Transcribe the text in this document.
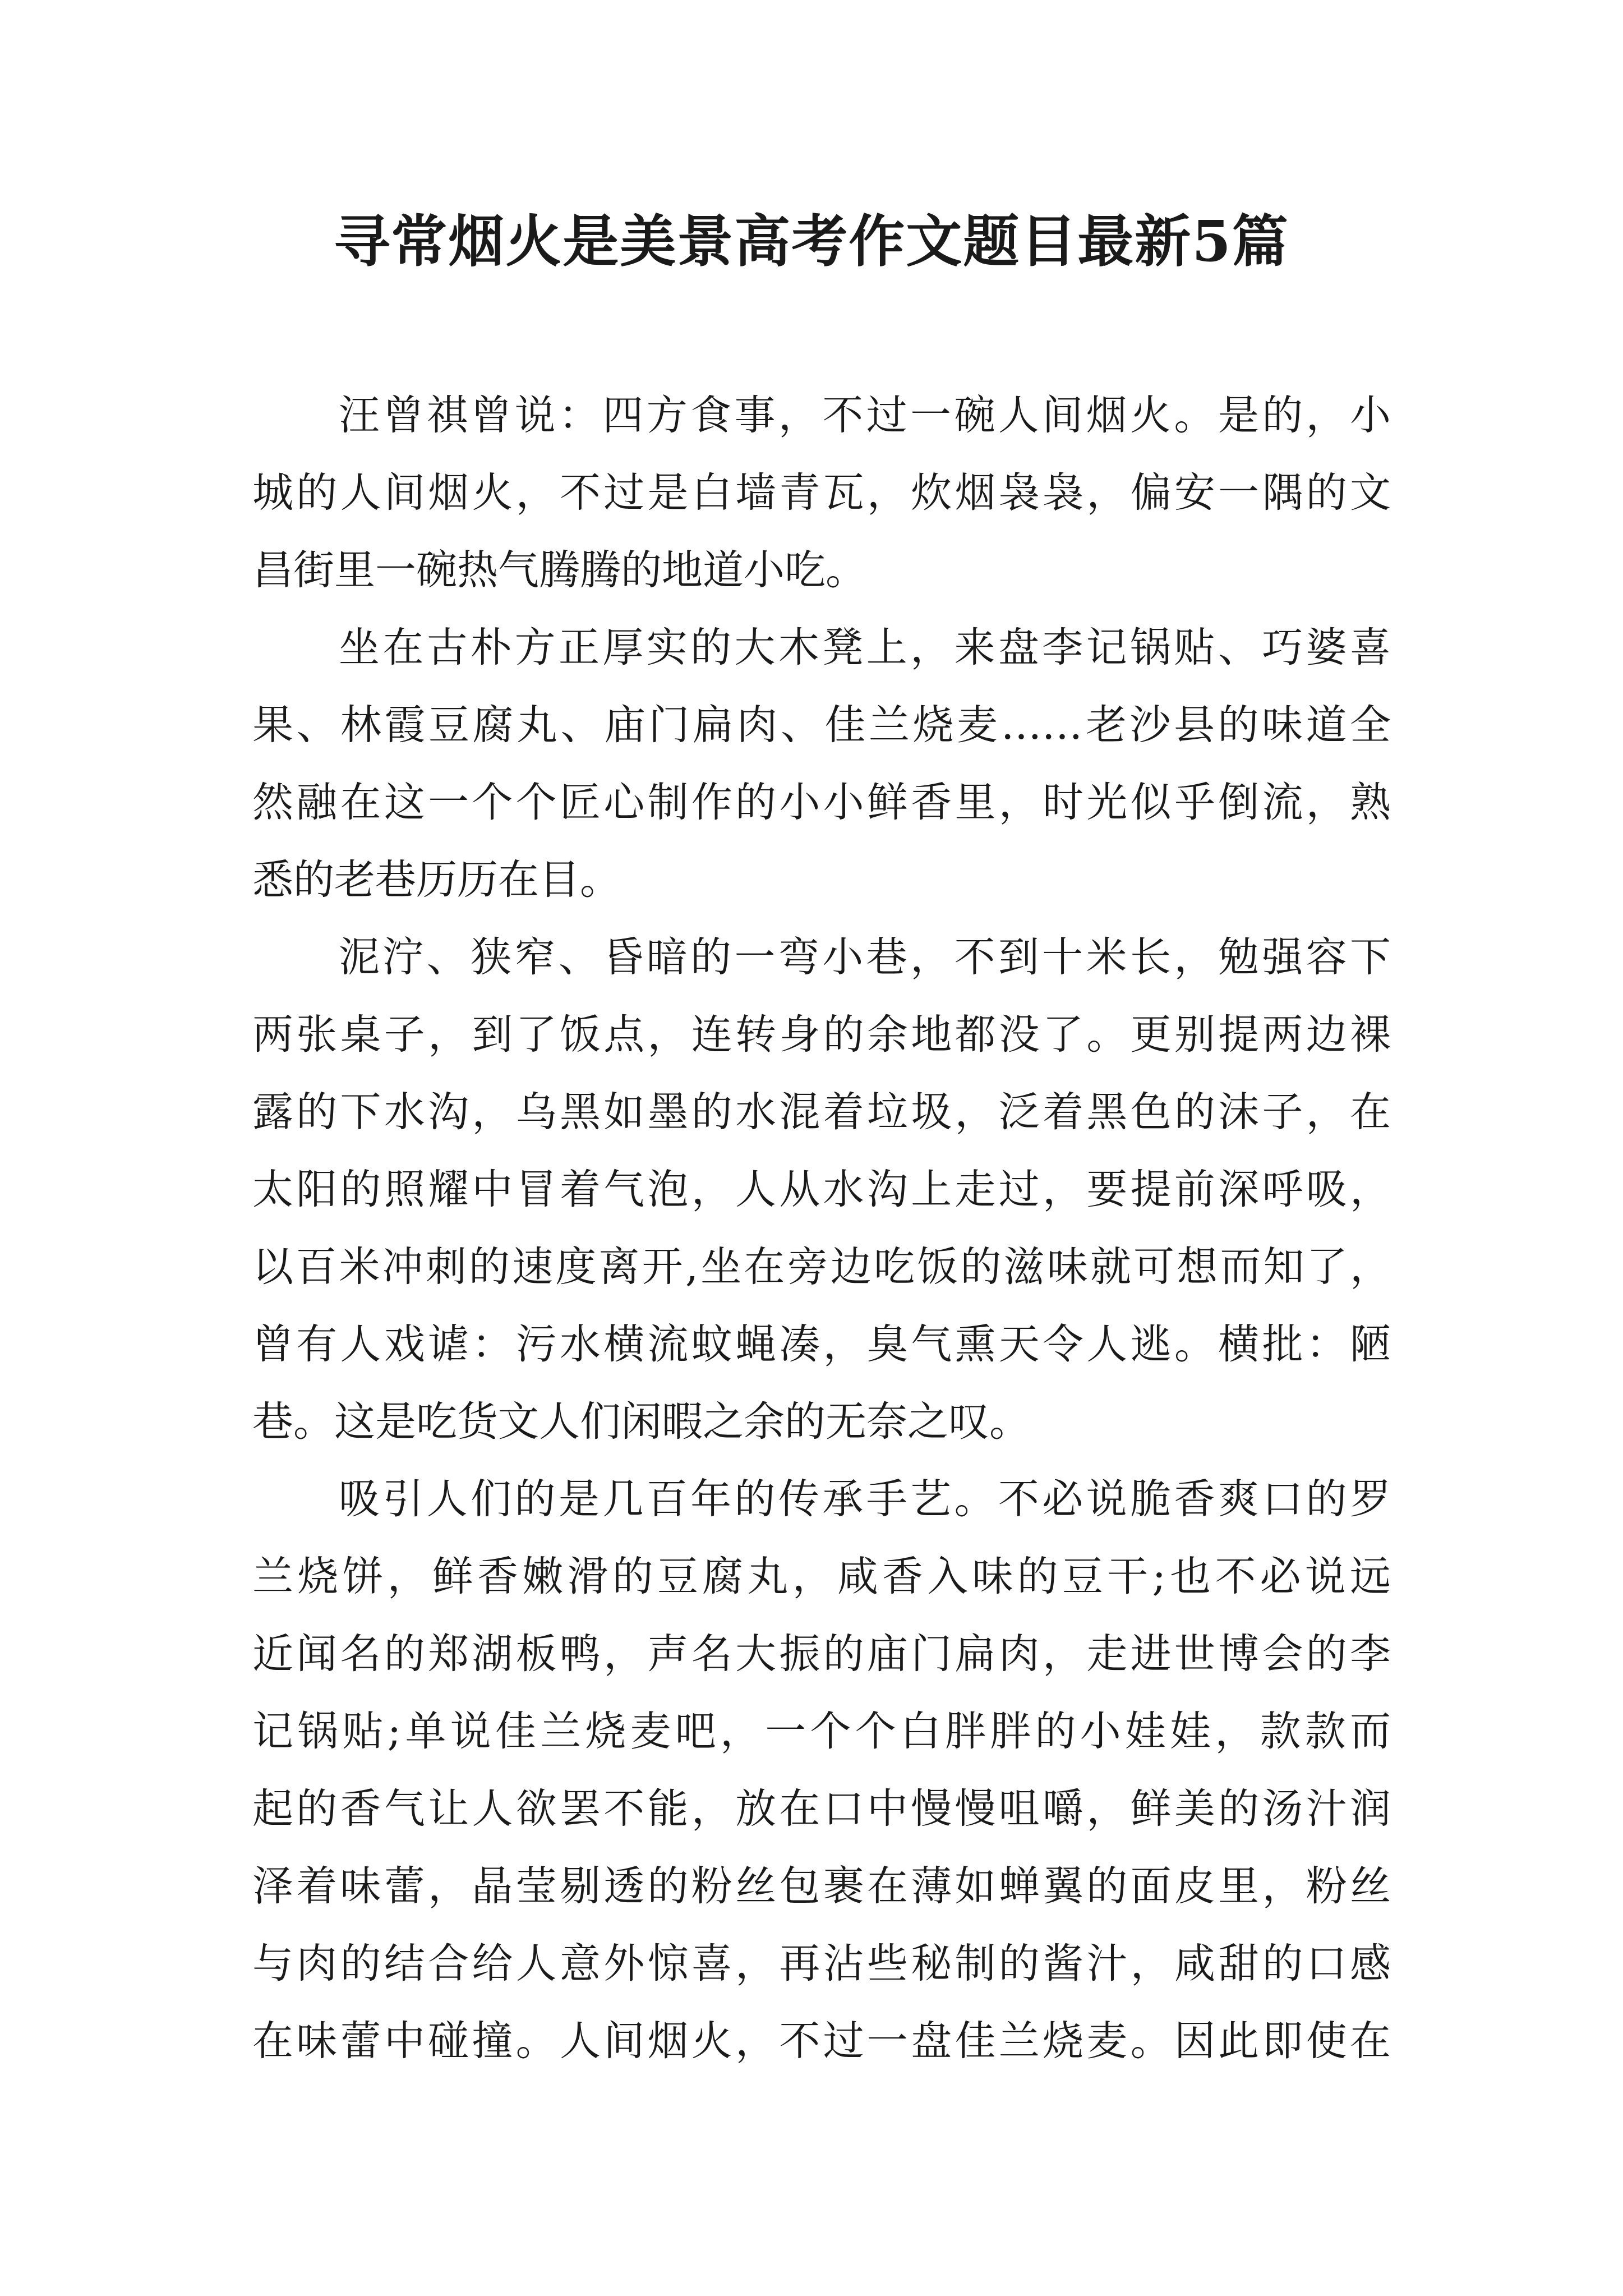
寻常烟火是美景高考作文题目最新5篇

汪曾祺曾说：四方食事，不过一碗人间烟火。是的，小

城的人间烟火，不过是白墙青瓦，炊烟袅袅，偏安一隅的文

昌街里一碗热气腾腾的地道小吃。

坐在古朴方正厚实的大木凳上，来盘李记锅贴、巧婆喜

果、林霞豆腐丸、庙门扁肉、佳兰烧麦……老沙县的味道全

然融在这一个个匠心制作的小小鲜香里，时光似乎倒流，熟

悉的老巷历历在目。

泥泞、狭窄、昏暗的一弯小巷，不到十米长，勉强容下

两张桌子，到了饭点，连转身的余地都没了。更别提两边裸

露的下水沟，乌黑如墨的水混着垃圾，泛着黑色的沫子，在

太阳的照耀中冒着气泡，人从水沟上走过，要提前深呼吸，

以百米冲刺的速度离开,坐在旁边吃饭的滋味就可想而知了，

曾有人戏谑：污水横流蚊蝇凑，臭气熏天令人逃。横批：陋

巷。这是吃货文人们闲暇之余的无奈之叹。

吸引人们的是几百年的传承手艺。不必说脆香爽口的罗

兰烧饼，鲜香嫩滑的豆腐丸，咸香入味的豆干;也不必说远

近闻名的郑湖板鸭，声名大振的庙门扁肉，走进世博会的李

记锅贴;单说佳兰烧麦吧，一个个白胖胖的小娃娃，款款而

起的香气让人欲罢不能，放在口中慢慢咀嚼，鲜美的汤汁润

泽着味蕾，晶莹剔透的粉丝包裹在薄如蝉翼的面皮里，粉丝

与肉的结合给人意外惊喜，再沾些秘制的酱汁，咸甜的口感

在味蕾中碰撞。人间烟火，不过一盘佳兰烧麦。因此即使在
